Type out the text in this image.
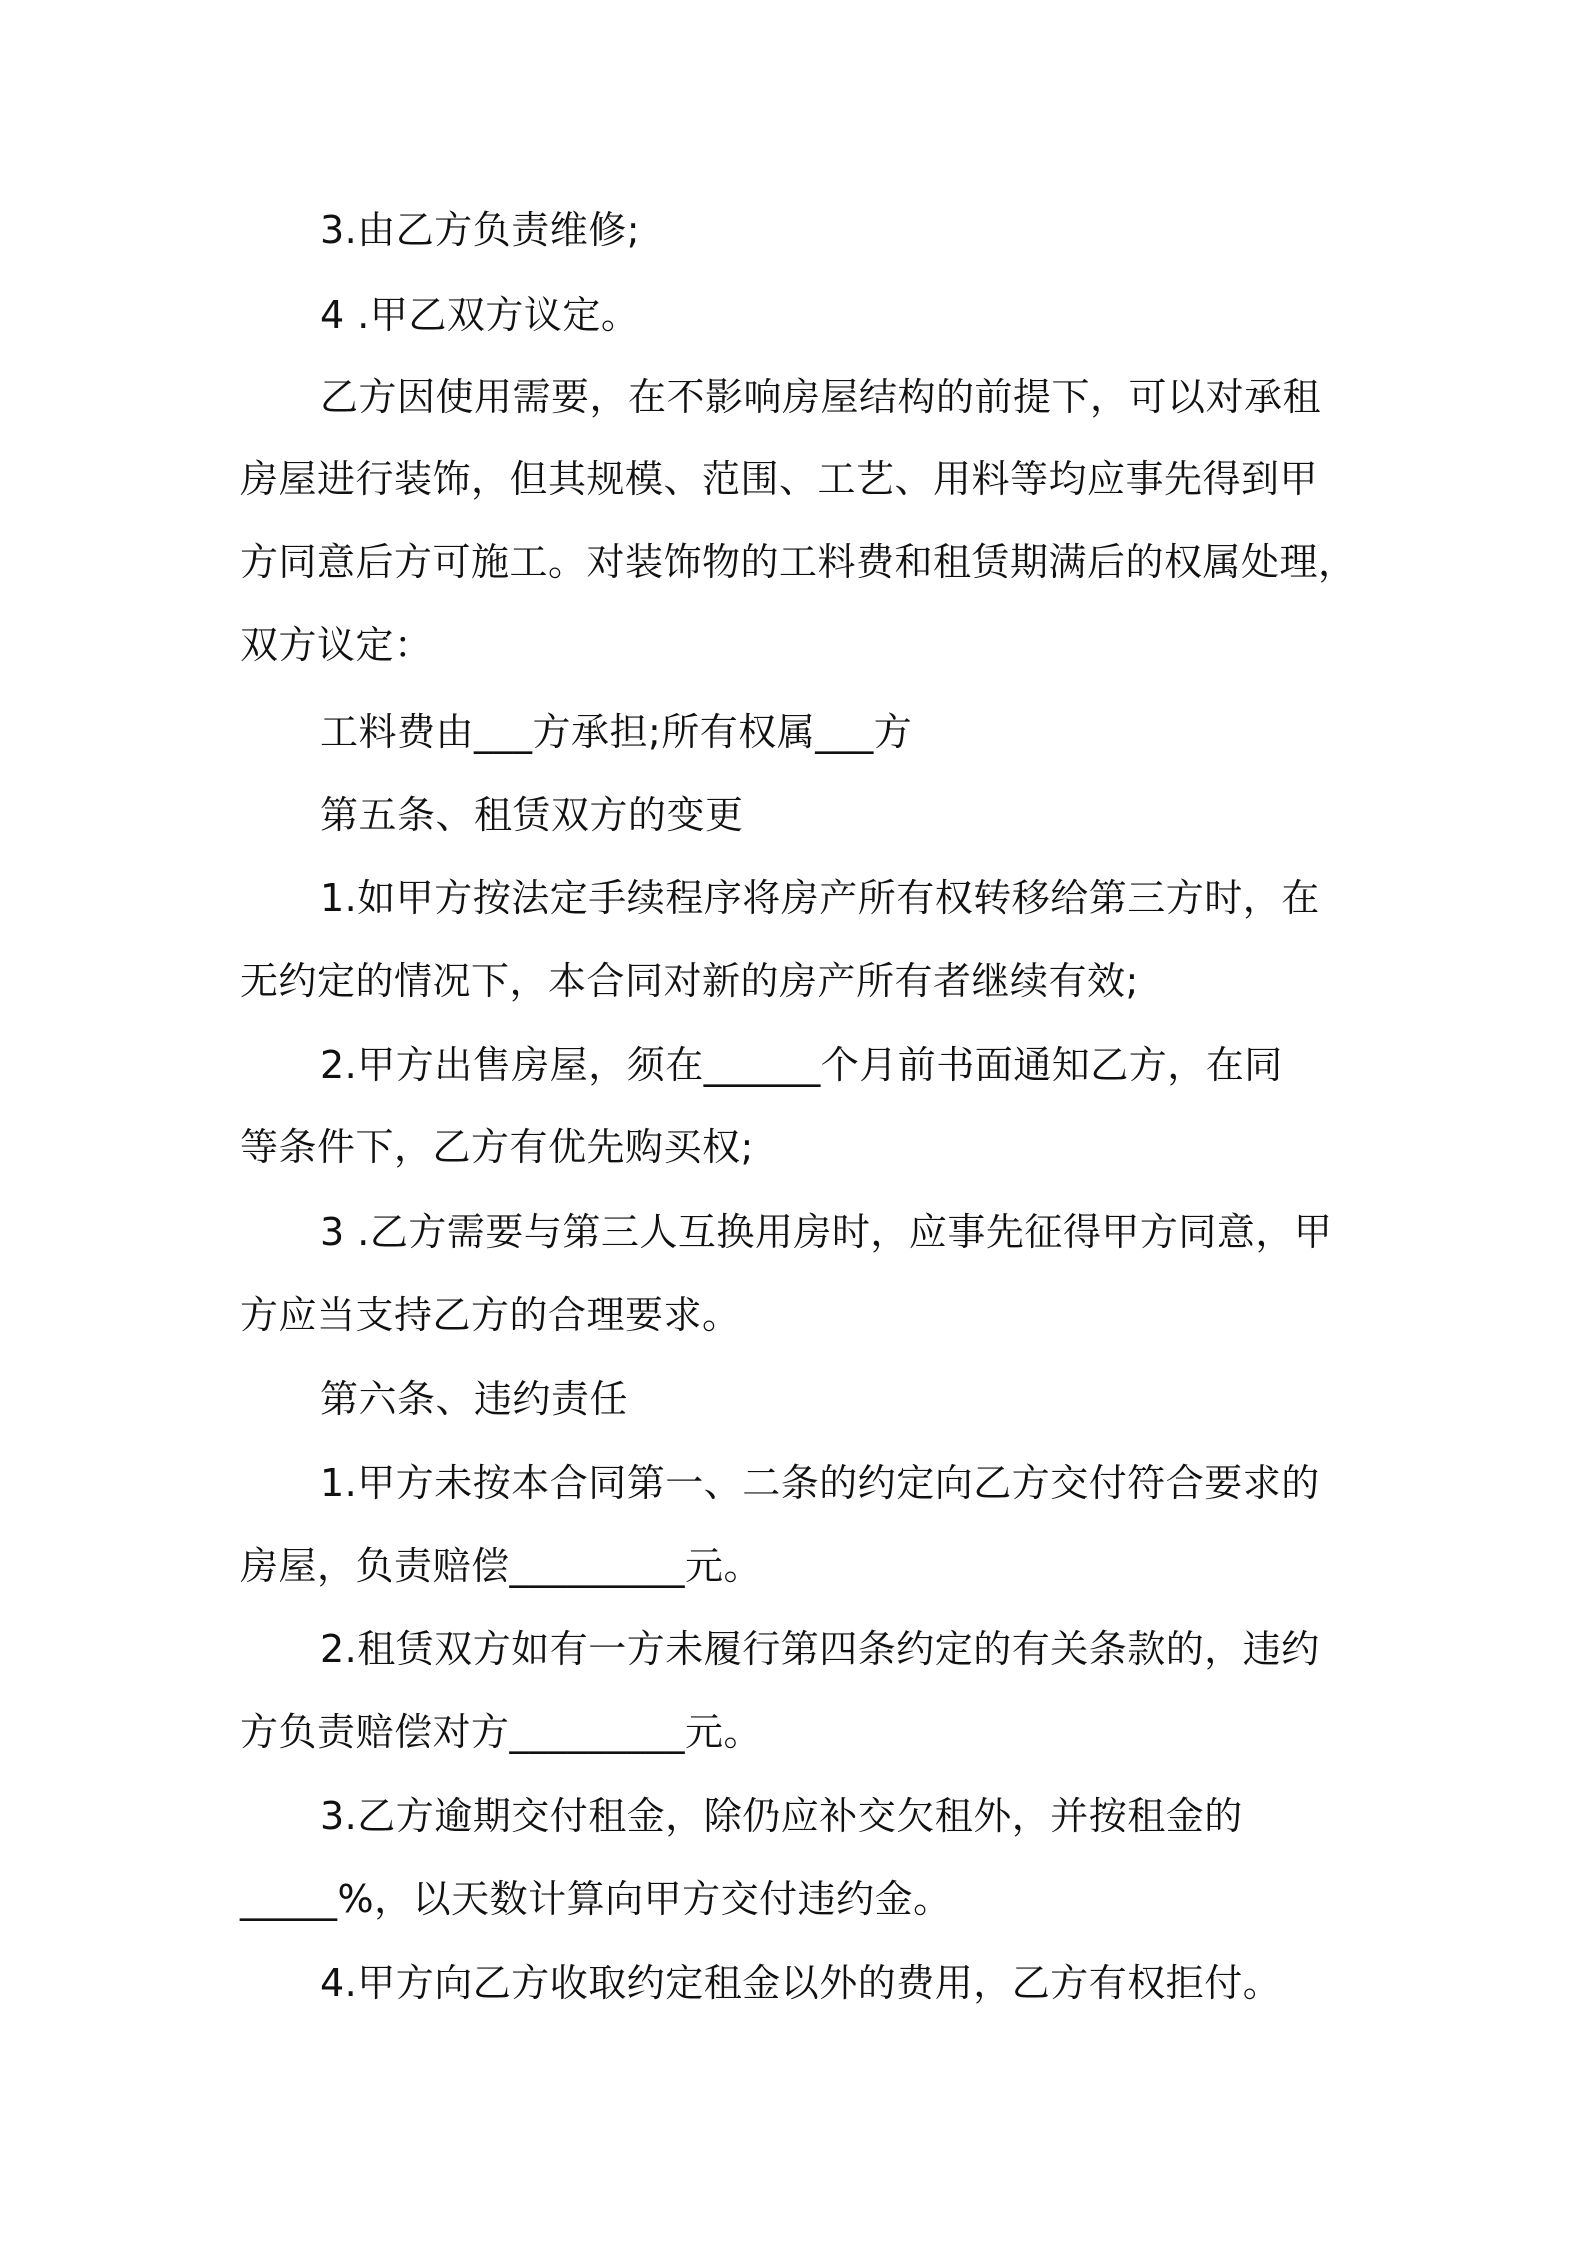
3.由乙方负责维修;
4 .甲乙双方议定。
乙方因使用需要，在不影响房屋结构的前提下，可以对承租
房屋进行装饰，但其规模、范围、工艺、用料等均应事先得到甲
方同意后方可施工。对装饰物的工料费和租赁期满后的权属处理，
双方议定：
工料费由___方承担;所有权属___方
第五条、租赁双方的变更
1.如甲方按法定手续程序将房产所有权转移给第三方时，在
无约定的情况下，本合同对新的房产所有者继续有效;
2.甲方出售房屋，须在______个月前书面通知乙方，在同
等条件下，乙方有优先购买权;
3 .乙方需要与第三人互换用房时，应事先征得甲方同意，甲
方应当支持乙方的合理要求。
第六条、违约责任
1.甲方未按本合同第一、二条的约定向乙方交付符合要求的
房屋，负责赔偿_________元。
2.租赁双方如有一方未履行第四条约定的有关条款的，违约
方负责赔偿对方_________元。
3.乙方逾期交付租金，除仍应补交欠租外，并按租金的
_____%，以天数计算向甲方交付违约金。
4.甲方向乙方收取约定租金以外的费用，乙方有权拒付。
